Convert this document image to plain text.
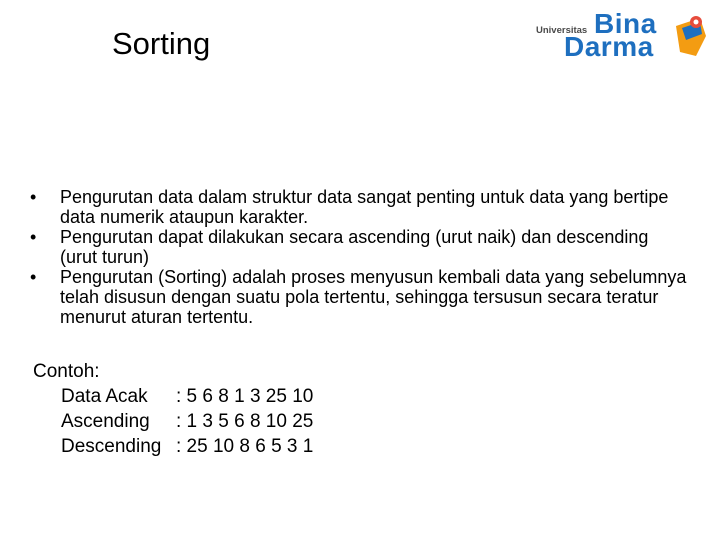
Sorting	Universitas Bina
Darma
• Pengurutan data dalam struktur data sangat penting untuk data yang bertipe data numerik ataupun karakter.
• Pengurutan dapat dilakukan secara ascending (urut naik) dan descending (urut turun)
• Pengurutan (Sorting) adalah proses menyusun kembali data yang sebelumnya telah disusun dengan suatu pola tertentu, sehingga tersusun secara teratur menurut aturan tertentu.
Contoh:
Data Acak	: 5 6 8 1 3 25 10
Ascending	: 1 3 5 6 8 10 25
Descending : 25 10 8 6 5 3 1
